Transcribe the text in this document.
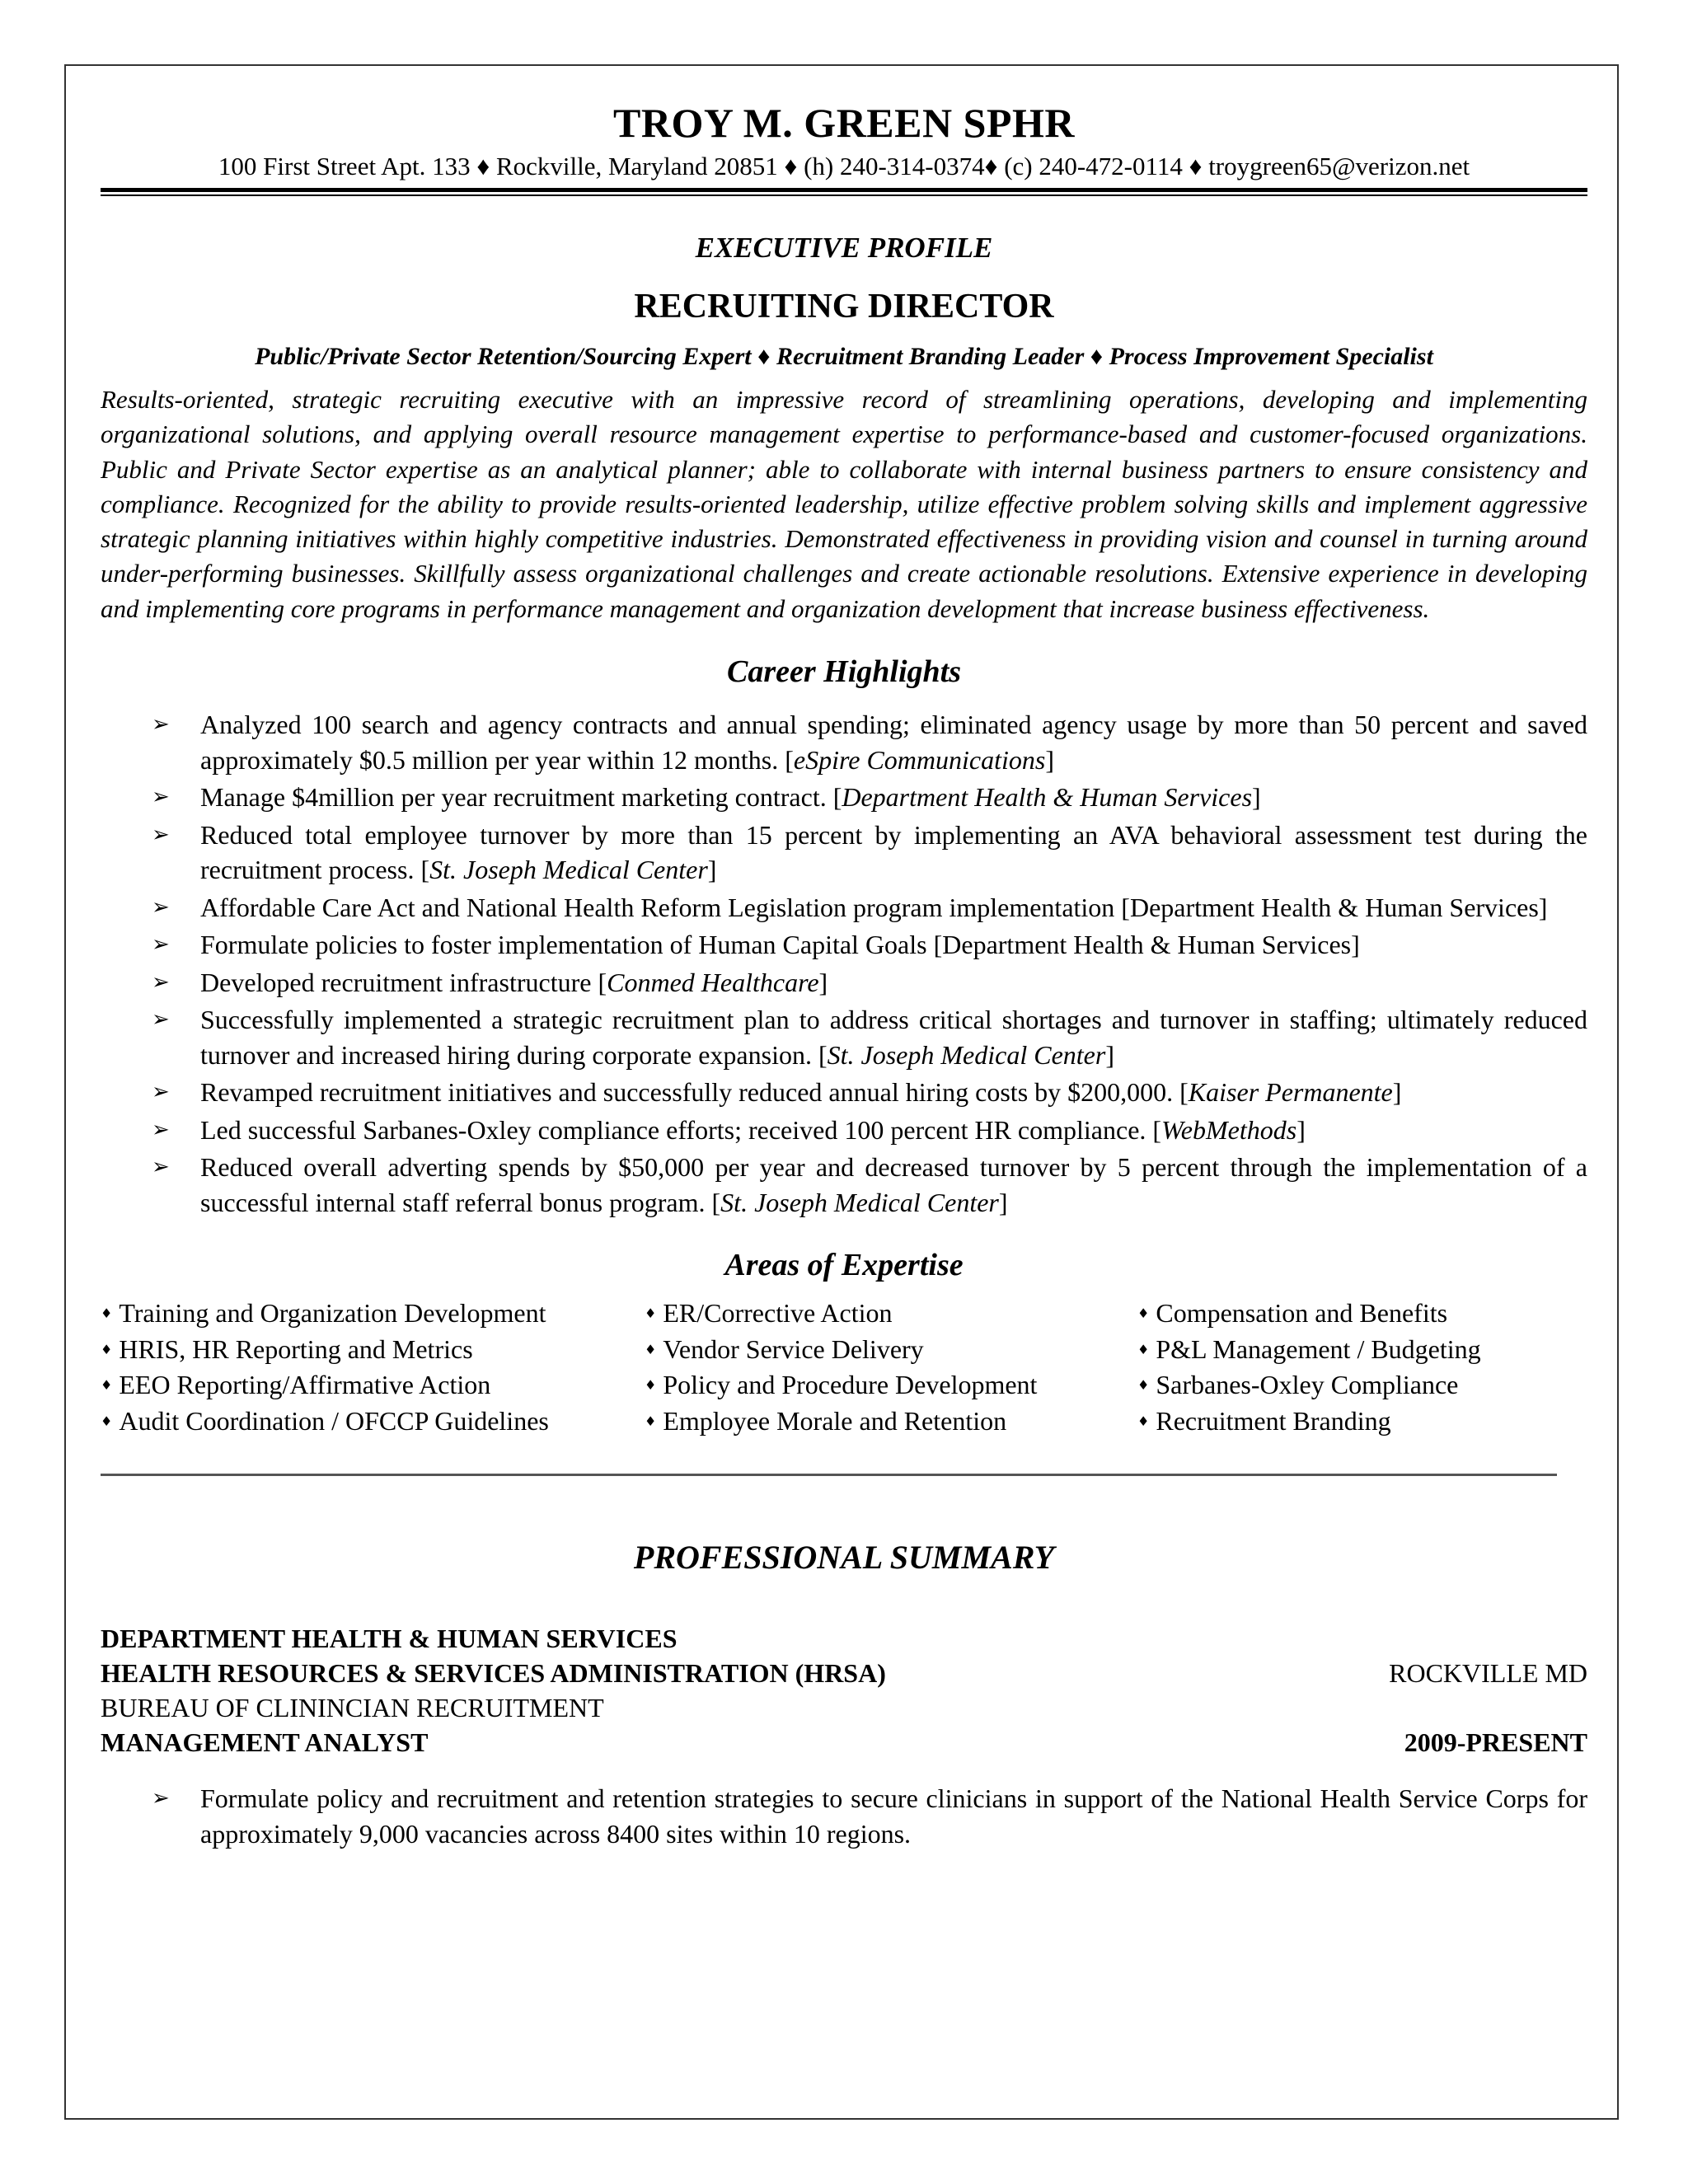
TROY M. GREEN SPHR
100 First Street Apt. 133 ♦ Rockville, Maryland 20851 ♦ (h) 240-314-0374♦ (c) 240-472-0114 ♦ troygreen65@verizon.net
EXECUTIVE PROFILE
RECRUITING DIRECTOR
Public/Private Sector Retention/Sourcing Expert ♦ Recruitment Branding Leader ♦ Process Improvement Specialist
Results-oriented, strategic recruiting executive with an impressive record of streamlining operations, developing and implementing organizational solutions, and applying overall resource management expertise to performance-based and customer-focused organizations. Public and Private Sector expertise as an analytical planner; able to collaborate with internal business partners to ensure consistency and compliance. Recognized for the ability to provide results-oriented leadership, utilize effective problem solving skills and implement aggressive strategic planning initiatives within highly competitive industries. Demonstrated effectiveness in providing vision and counsel in turning around under-performing businesses. Skillfully assess organizational challenges and create actionable resolutions. Extensive experience in developing and implementing core programs in performance management and organization development that increase business effectiveness.
Career Highlights
➢ Analyzed 100 search and agency contracts and annual spending; eliminated agency usage by more than 50 percent and saved approximately $0.5 million per year within 12 months. [eSpire Communications]
➢ Manage $4million per year recruitment marketing contract. [Department Health & Human Services]
➢ Reduced total employee turnover by more than 15 percent by implementing an AVA behavioral assessment test during the recruitment process. [St. Joseph Medical Center]
➢ Affordable Care Act and National Health Reform Legislation program implementation [Department Health & Human Services]
➢ Formulate policies to foster implementation of Human Capital Goals [Department Health & Human Services]
➢ Developed recruitment infrastructure [Conmed Healthcare]
➢ Successfully implemented a strategic recruitment plan to address critical shortages and turnover in staffing; ultimately reduced turnover and increased hiring during corporate expansion. [St. Joseph Medical Center]
➢ Revamped recruitment initiatives and successfully reduced annual hiring costs by $200,000. [Kaiser Permanente]
➢ Led successful Sarbanes-Oxley compliance efforts; received 100 percent HR compliance. [WebMethods]
➢ Reduced overall adverting spends by $50,000 per year and decreased turnover by 5 percent through the implementation of a successful internal staff referral bonus program. [St. Joseph Medical Center]
Areas of Expertise
♦ Training and Organization Development
♦ HRIS, HR Reporting and Metrics
♦ EEO Reporting/Affirmative Action
♦ Audit Coordination / OFCCP Guidelines
♦ ER/Corrective Action
♦ Vendor Service Delivery
♦ Policy and Procedure Development
♦ Employee Morale and Retention
♦ Compensation and Benefits
♦ P&L Management / Budgeting
♦ Sarbanes-Oxley Compliance
♦ Recruitment Branding
PROFESSIONAL SUMMARY
DEPARTMENT HEALTH & HUMAN SERVICES
HEALTH RESOURCES & SERVICES ADMINISTRATION (HRSA)	ROCKVILLE MD
BUREAU OF CLININCIAN RECRUITMENT
MANAGEMENT ANALYST	2009-PRESENT
➢ Formulate policy and recruitment and retention strategies to secure clinicians in support of the National Health Service Corps for approximately 9,000 vacancies across 8400 sites within 10 regions.
